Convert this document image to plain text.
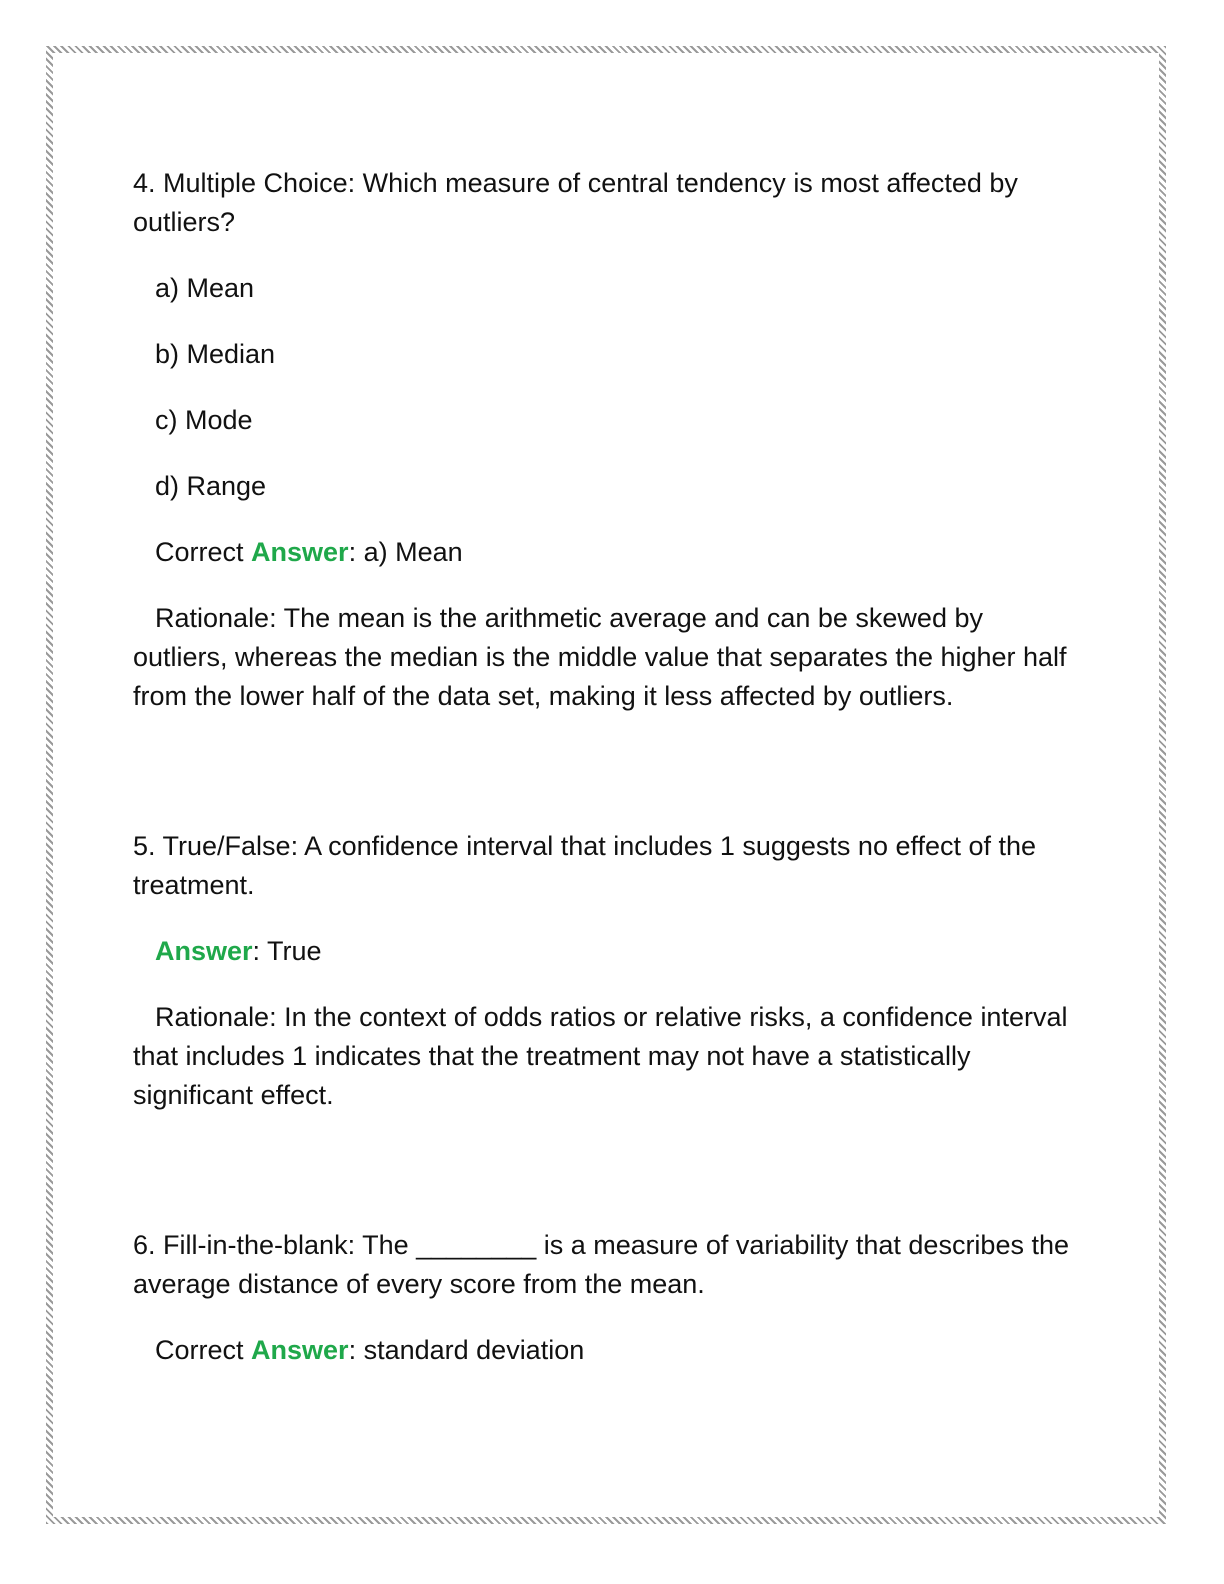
4. Multiple Choice: Which measure of central tendency is most affected by outliers?

a) Mean

b) Median

c) Mode

d) Range

Correct Answer: a) Mean

Rationale: The mean is the arithmetic average and can be skewed by outliers, whereas the median is the middle value that separates the higher half from the lower half of the data set, making it less affected by outliers.

5. True/False: A confidence interval that includes 1 suggests no effect of the treatment.

Answer: True

Rationale: In the context of odds ratios or relative risks, a confidence interval that includes 1 indicates that the treatment may not have a statistically significant effect.

6. Fill-in-the-blank: The ________ is a measure of variability that describes the average distance of every score from the mean.

Correct Answer: standard deviation
